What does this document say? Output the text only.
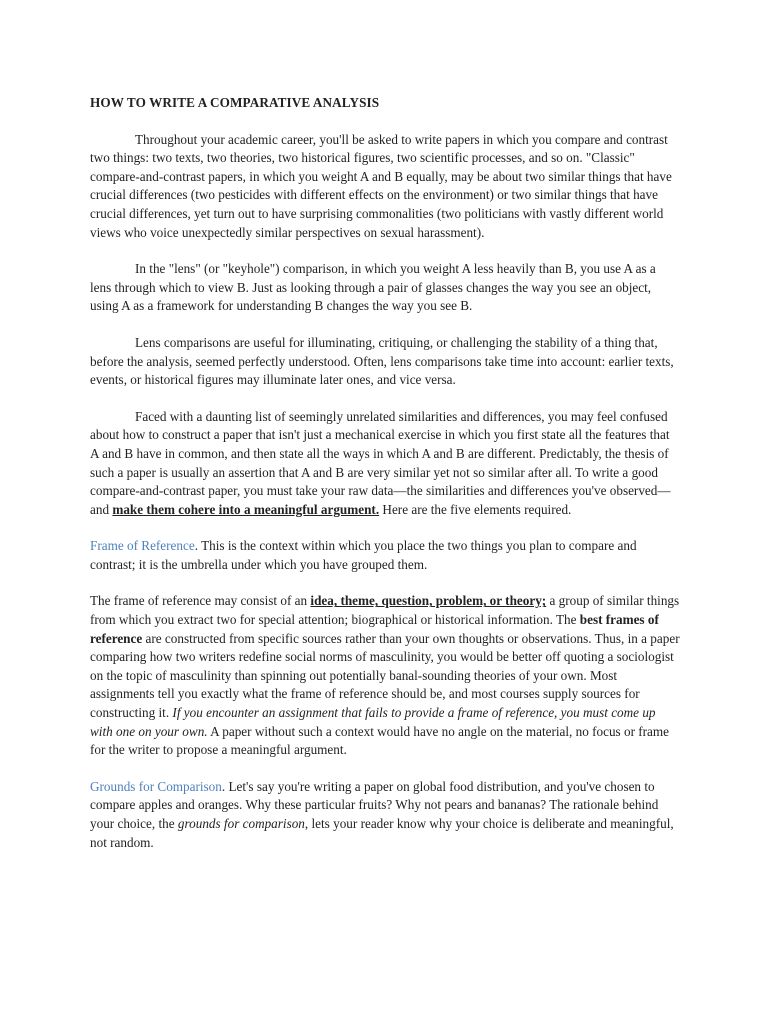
HOW TO WRITE A COMPARATIVE ANALYSIS

Throughout your academic career, you'll be asked to write papers in which you compare and contrast two things: two texts, two theories, two historical figures, two scientific processes, and so on. "Classic" compare-and-contrast papers, in which you weight A and B equally, may be about two similar things that have crucial differences (two pesticides with different effects on the environment) or two similar things that have crucial differences, yet turn out to have surprising commonalities (two politicians with vastly different world views who voice unexpectedly similar perspectives on sexual harassment).

In the "lens" (or "keyhole") comparison, in which you weight A less heavily than B, you use A as a lens through which to view B. Just as looking through a pair of glasses changes the way you see an object, using A as a framework for understanding B changes the way you see B.

Lens comparisons are useful for illuminating, critiquing, or challenging the stability of a thing that, before the analysis, seemed perfectly understood. Often, lens comparisons take time into account: earlier texts, events, or historical figures may illuminate later ones, and vice versa.

Faced with a daunting list of seemingly unrelated similarities and differences, you may feel confused about how to construct a paper that isn't just a mechanical exercise in which you first state all the features that A and B have in common, and then state all the ways in which A and B are different. Predictably, the thesis of such a paper is usually an assertion that A and B are very similar yet not so similar after all. To write a good compare-and-contrast paper, you must take your raw data—the similarities and differences you've observed—and make them cohere into a meaningful argument. Here are the five elements required.

Frame of Reference. This is the context within which you place the two things you plan to compare and contrast; it is the umbrella under which you have grouped them.

The frame of reference may consist of an idea, theme, question, problem, or theory; a group of similar things from which you extract two for special attention; biographical or historical information. The best frames of reference are constructed from specific sources rather than your own thoughts or observations. Thus, in a paper comparing how two writers redefine social norms of masculinity, you would be better off quoting a sociologist on the topic of masculinity than spinning out potentially banal-sounding theories of your own. Most assignments tell you exactly what the frame of reference should be, and most courses supply sources for constructing it. If you encounter an assignment that fails to provide a frame of reference, you must come up with one on your own. A paper without such a context would have no angle on the material, no focus or frame for the writer to propose a meaningful argument.

Grounds for Comparison. Let's say you're writing a paper on global food distribution, and you've chosen to compare apples and oranges. Why these particular fruits? Why not pears and bananas? The rationale behind your choice, the grounds for comparison, lets your reader know why your choice is deliberate and meaningful, not random.
